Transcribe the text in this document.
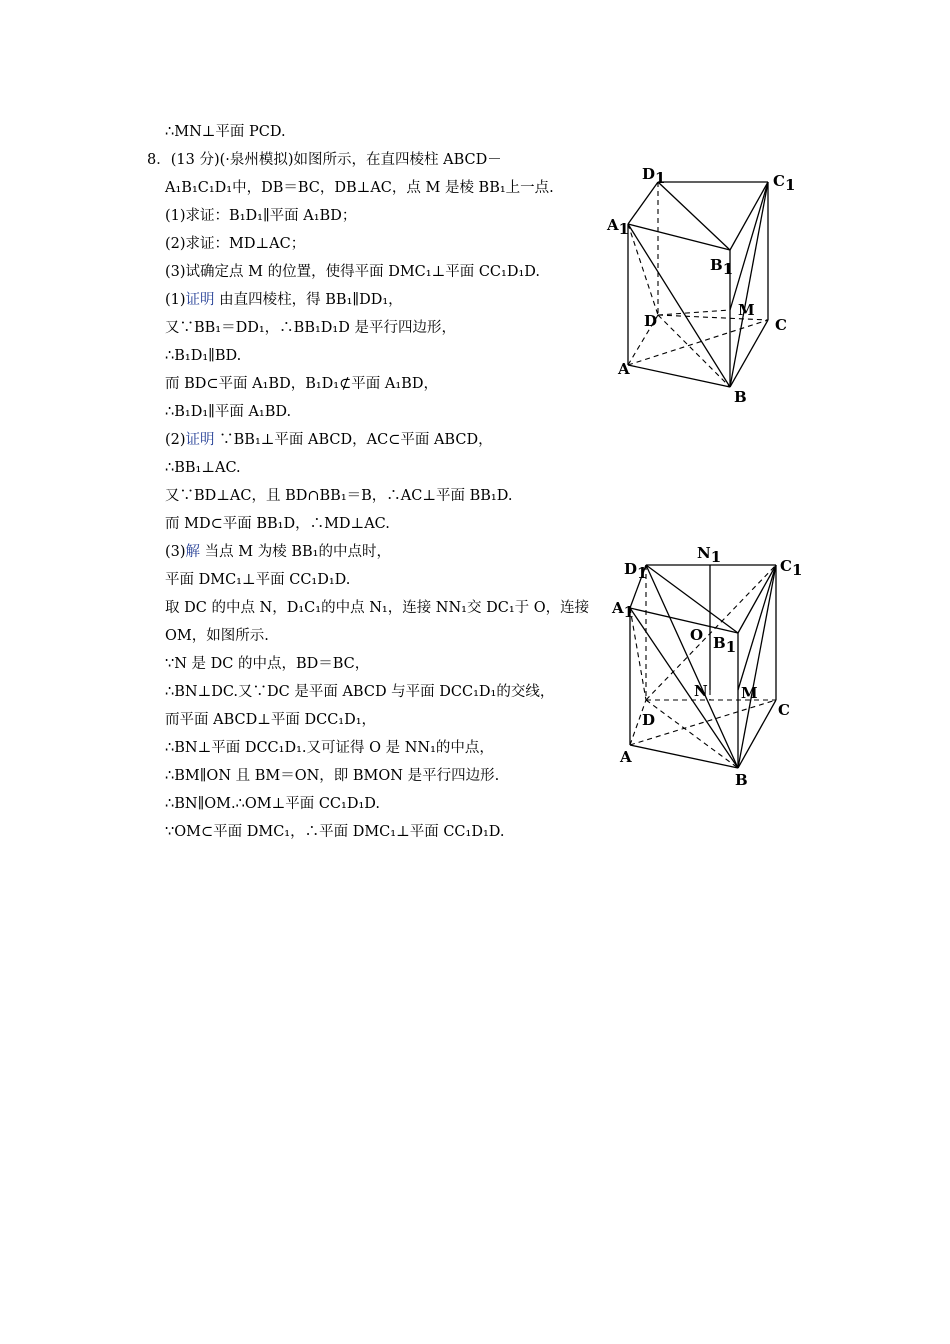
∴MN⊥平面 PCD.
8．(13 分)(·泉州模拟)如图所示，在直四棱柱 ABCD－
A₁B₁C₁D₁中，DB＝BC，DB⊥AC，点 M 是棱 BB₁上一点.
(1)求证：B₁D₁∥平面 A₁BD；
(2)求证：MD⊥AC；
(3)试确定点 M 的位置，使得平面 DMC₁⊥平面 CC₁D₁D.
(1)证明 由直四棱柱，得 BB₁∥DD₁，
又∵BB₁＝DD₁，∴BB₁D₁D 是平行四边形，
∴B₁D₁∥BD.
而 BD⊂平面 A₁BD，B₁D₁⊄平面 A₁BD，
∴B₁D₁∥平面 A₁BD.
(2)证明 ∵BB₁⊥平面 ABCD，AC⊂平面 ABCD，
∴BB₁⊥AC.
又∵BD⊥AC，且 BD∩BB₁＝B，∴AC⊥平面 BB₁D.
而 MD⊂平面 BB₁D，∴MD⊥AC.
(3)解 当点 M 为棱 BB₁的中点时，
平面 DMC₁⊥平面 CC₁D₁D.
取 DC 的中点 N，D₁C₁的中点 N₁，连接 NN₁交 DC₁于 O，连接
OM，如图所示.
∵N 是 DC 的中点，BD＝BC，
∴BN⊥DC.又∵DC 是平面 ABCD 与平面 DCC₁D₁的交线，
而平面 ABCD⊥平面 DCC₁D₁，
∴BN⊥平面 DCC₁D₁.又可证得 O 是 NN₁的中点，
∴BM∥ON 且 BM＝ON，即 BMON 是平行四边形.
∴BN∥OM.∴OM⊥平面 CC₁D₁D.
∵OM⊂平面 DMC₁，∴平面 DMC₁⊥平面 CC₁D₁D.
D1	C1
A1
B1
M
D	C
A
B
N1
D1	C1
A1
O B1
N M
D
C
A
B
